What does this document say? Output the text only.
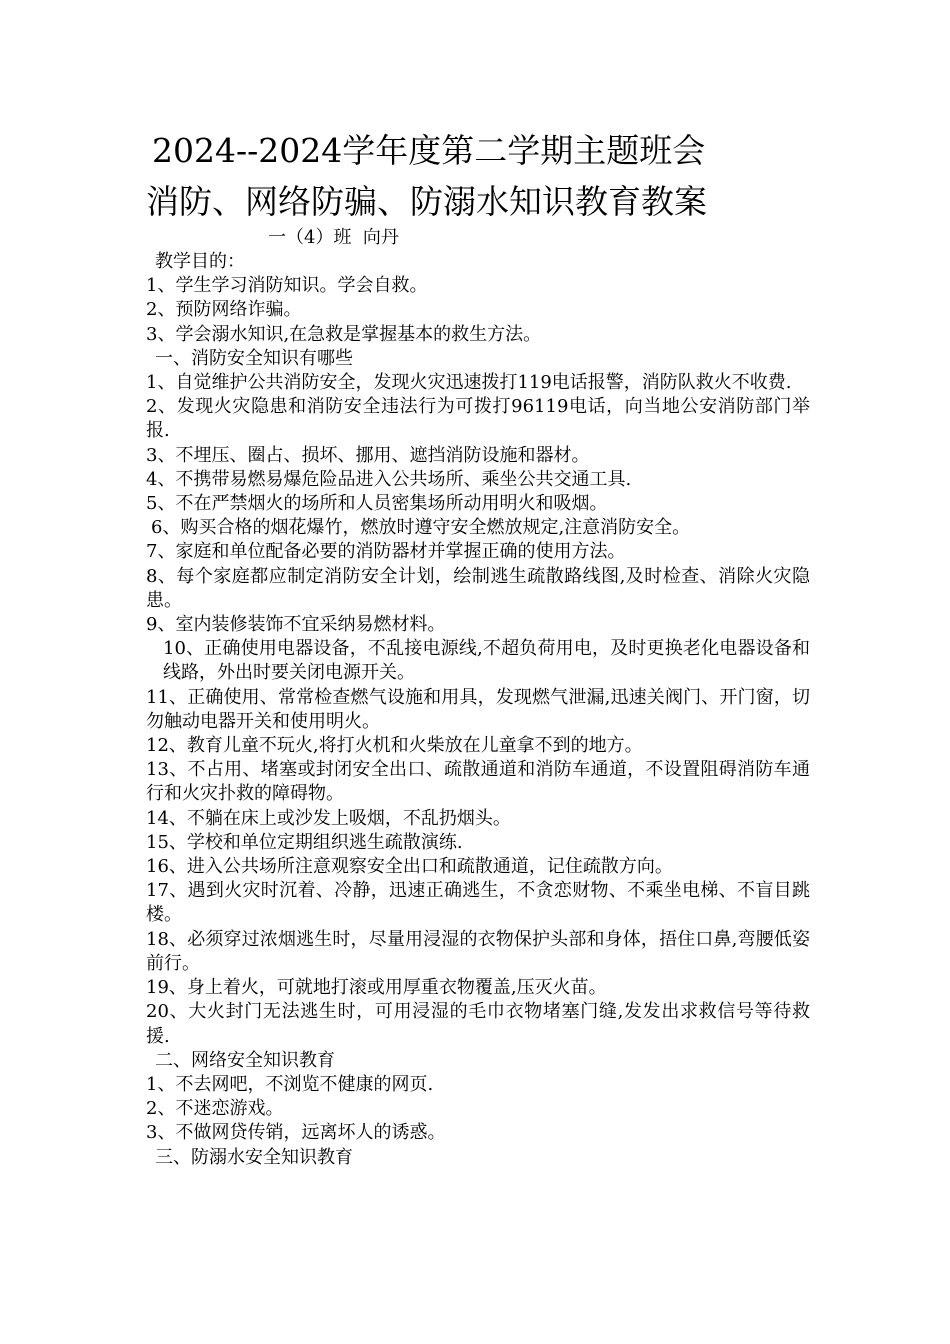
2024--2024学年度第二学期主题班会
消防、网络防骗、防溺水知识教育教案
一（4）班  向丹

教学目的：

1、学生学习消防知识。学会自救。

2、预防网络诈骗。

3、学会溺水知识,在急救是掌握基本的救生方法。

一、消防安全知识有哪些

1、自觉维护公共消防安全，发现火灾迅速拨打119电话报警，消防队救火不收费.

2、发现火灾隐患和消防安全违法行为可拨打96119电话，向当地公安消防部门举报.

3、不埋压、圈占、损坏、挪用、遮挡消防设施和器材。

4、不携带易燃易爆危险品进入公共场所、乘坐公共交通工具.

5、不在严禁烟火的场所和人员密集场所动用明火和吸烟。

6、购买合格的烟花爆竹，燃放时遵守安全燃放规定,注意消防安全。

7、家庭和单位配备必要的消防器材并掌握正确的使用方法。

8、每个家庭都应制定消防安全计划，绘制逃生疏散路线图,及时检查、消除火灾隐患。

9、室内装修装饰不宜采纳易燃材料。

10、正确使用电器设备，不乱接电源线,不超负荷用电，及时更换老化电器设备和线路，外出时要关闭电源开关。

11、正确使用、常常检查燃气设施和用具，发现燃气泄漏,迅速关阀门、开门窗，切勿触动电器开关和使用明火。

12、教育儿童不玩火,将打火机和火柴放在儿童拿不到的地方。

13、不占用、堵塞或封闭安全出口、疏散通道和消防车通道，不设置阻碍消防车通行和火灾扑救的障碍物。

14、不躺在床上或沙发上吸烟，不乱扔烟头。

15、学校和单位定期组织逃生疏散演练.

16、进入公共场所注意观察安全出口和疏散通道，记住疏散方向。

17、遇到火灾时沉着、冷静，迅速正确逃生，不贪恋财物、不乘坐电梯、不盲目跳楼。

18、必须穿过浓烟逃生时，尽量用浸湿的衣物保护头部和身体，捂住口鼻,弯腰低姿前行。

19、身上着火，可就地打滚或用厚重衣物覆盖,压灭火苗。

20、大火封门无法逃生时，可用浸湿的毛巾衣物堵塞门缝,发发出求救信号等待救援.

二、网络安全知识教育

1、不去网吧，不浏览不健康的网页.

2、不迷恋游戏。

3、不做网贷传销，远离坏人的诱惑。

三、防溺水安全知识教育
